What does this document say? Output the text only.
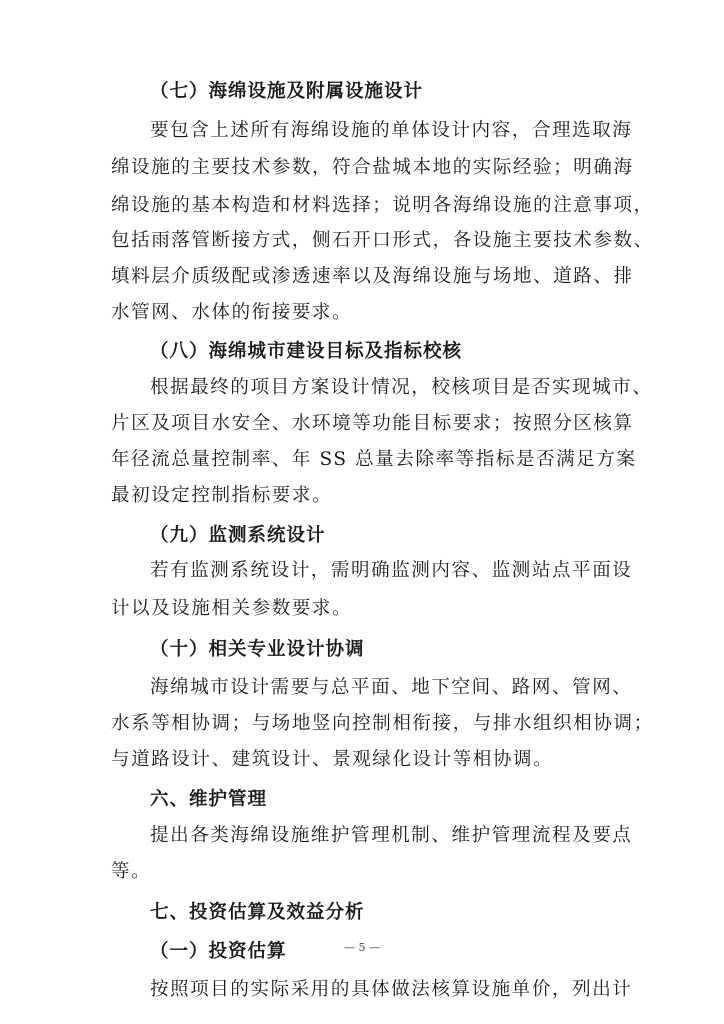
（七）海绵设施及附属设施设计
要包含上述所有海绵设施的单体设计内容，合理选取海
绵设施的主要技术参数，符合盐城本地的实际经验；明确海
绵设施的基本构造和材料选择；说明各海绵设施的注意事项，
包括雨落管断接方式，侧石开口形式，各设施主要技术参数、
填料层介质级配或渗透速率以及海绵设施与场地、道路、排
水管网、水体的衔接要求。
（八）海绵城市建设目标及指标校核
根据最终的项目方案设计情况，校核项目是否实现城市、
片区及项目水安全、水环境等功能目标要求；按照分区核算
年径流总量控制率、年 SS 总量去除率等指标是否满足方案
最初设定控制指标要求。
（九）监测系统设计
若有监测系统设计，需明确监测内容、监测站点平面设
计以及设施相关参数要求。
（十）相关专业设计协调
海绵城市设计需要与总平面、地下空间、路网、管网、
水系等相协调；与场地竖向控制相衔接，与排水组织相协调；
与道路设计、建筑设计、景观绿化设计等相协调。
六、维护管理
提出各类海绵设施维护管理机制、维护管理流程及要点
等。
七、投资估算及效益分析
（一）投资估算
按照项目的实际采用的具体做法核算设施单价，列出计
— 5 —
